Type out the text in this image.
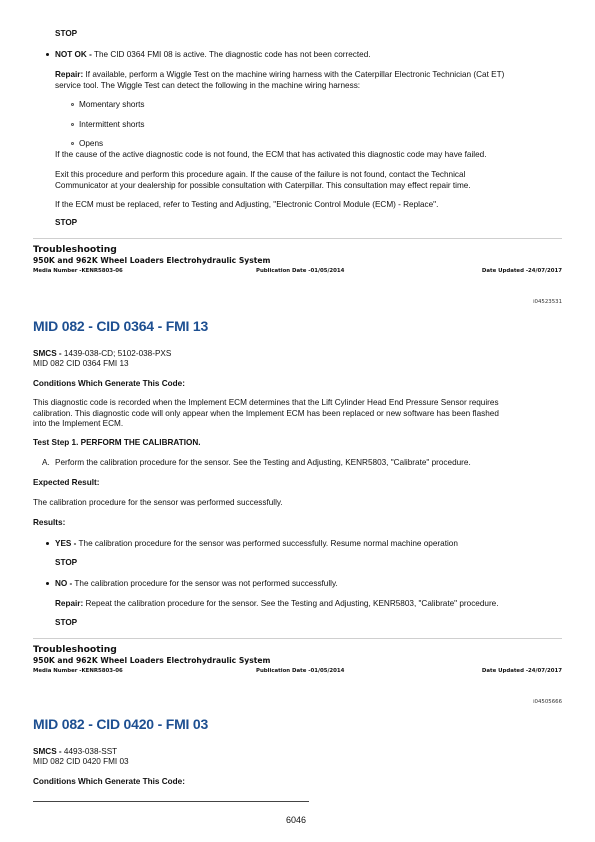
STOP
NOT OK - The CID 0364 FMI 08 is active. The diagnostic code has not been corrected.
Repair: If available, perform a Wiggle Test on the machine wiring harness with the Caterpillar Electronic Technician (Cat ET)
service tool. The Wiggle Test can detect the following in the machine wiring harness:
Momentary shorts
Intermittent shorts
Opens
If the cause of the active diagnostic code is not found, the ECM that has activated this diagnostic code may have failed.
Exit this procedure and perform this procedure again. If the cause of the failure is not found, contact the Technical
Communicator at your dealership for possible consultation with Caterpillar. This consultation may effect repair time.
If the ECM must be replaced, refer to Testing and Adjusting, "Electronic Control Module (ECM) - Replace".
STOP
Troubleshooting
950K and 962K Wheel Loaders Electrohydraulic System
Media Number -KENR5803-06	Publication Date -01/05/2014	Date Updated -24/07/2017
i04523531
MID 082 - CID 0364 - FMI 13
SMCS - 1439-038-CD; 5102-038-PXS
MID 082 CID 0364 FMI 13
Conditions Which Generate This Code:
This diagnostic code is recorded when the Implement ECM determines that the Lift Cylinder Head End Pressure Sensor requires
calibration. This diagnostic code will only appear when the Implement ECM has been replaced or new software has been flashed
into the Implement ECM.
Test Step 1. PERFORM THE CALIBRATION.
A. Perform the calibration procedure for the sensor. See the Testing and Adjusting, KENR5803, "Calibrate" procedure.
Expected Result:
The calibration procedure for the sensor was performed successfully.
Results:
YES - The calibration procedure for the sensor was performed successfully. Resume normal machine operation
STOP
NO - The calibration procedure for the sensor was not performed successfully.
Repair: Repeat the calibration procedure for the sensor. See the Testing and Adjusting, KENR5803, "Calibrate" procedure.
STOP
Troubleshooting
950K and 962K Wheel Loaders Electrohydraulic System
Media Number -KENR5803-06	Publication Date -01/05/2014	Date Updated -24/07/2017
i04505666
MID 082 - CID 0420 - FMI 03
SMCS - 4493-038-SST
MID 082 CID 0420 FMI 03
Conditions Which Generate This Code:
6046
